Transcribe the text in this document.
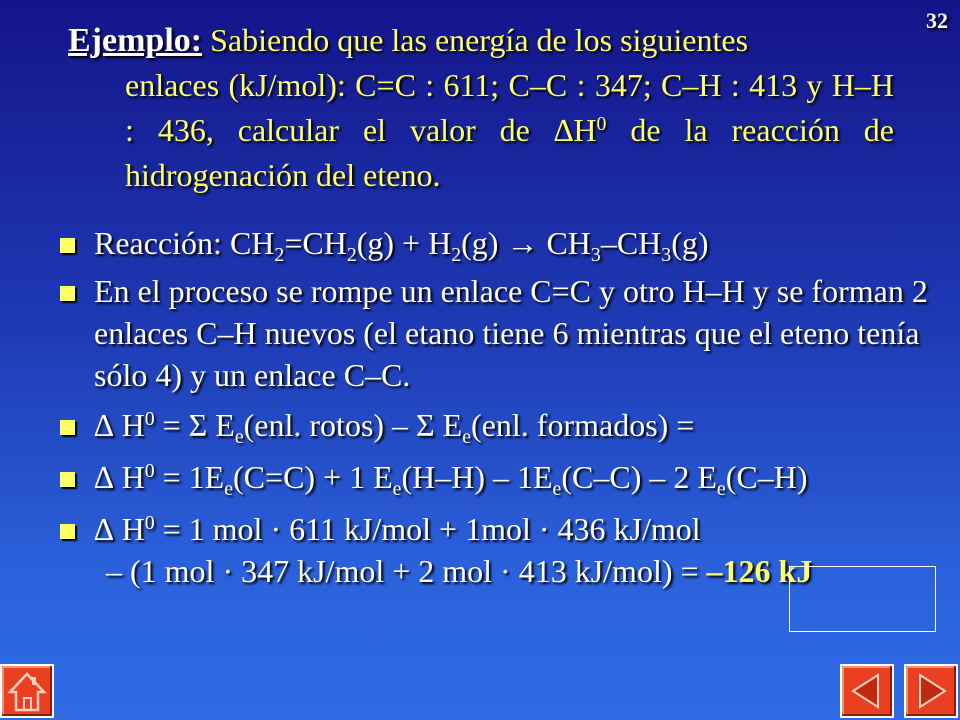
32
Ejemplo: Sabiendo que las energía de los siguientes
enlaces (kJ/mol): C=C : 611; C–C : 347; C–H : 413 y H–H : 436, calcular el valor de $\Delta H^0$ de la reacción de hidrogenación del eteno.
Reacción: $CH_2=CH_2(g) + H_2(g) \to CH_3-CH_3(g)$
En el proceso se rompe un enlace C=C y otro H–H y se forman 2 enlaces C–H nuevos (el etano tiene 6 mientras que el eteno tenía sólo 4) y un enlace C–C.
∆ $H^0 = \Sigma$ $E_e(enl$. rotos) – Σ $E_e(enl$. formados) =
∆ $H^0 = 1E_e(C=C) + 1$ $E_e(H-H) - 1E_e(C-C) - 2$ $E_e(C-H)$
∆ $H^0 = 1$ mol · 611 kJ/mol + 1mol · 436 kJ/mol
– (1 mol · 347 kJ/mol + 2 mol · 413 kJ/mol) = –126 kJ
